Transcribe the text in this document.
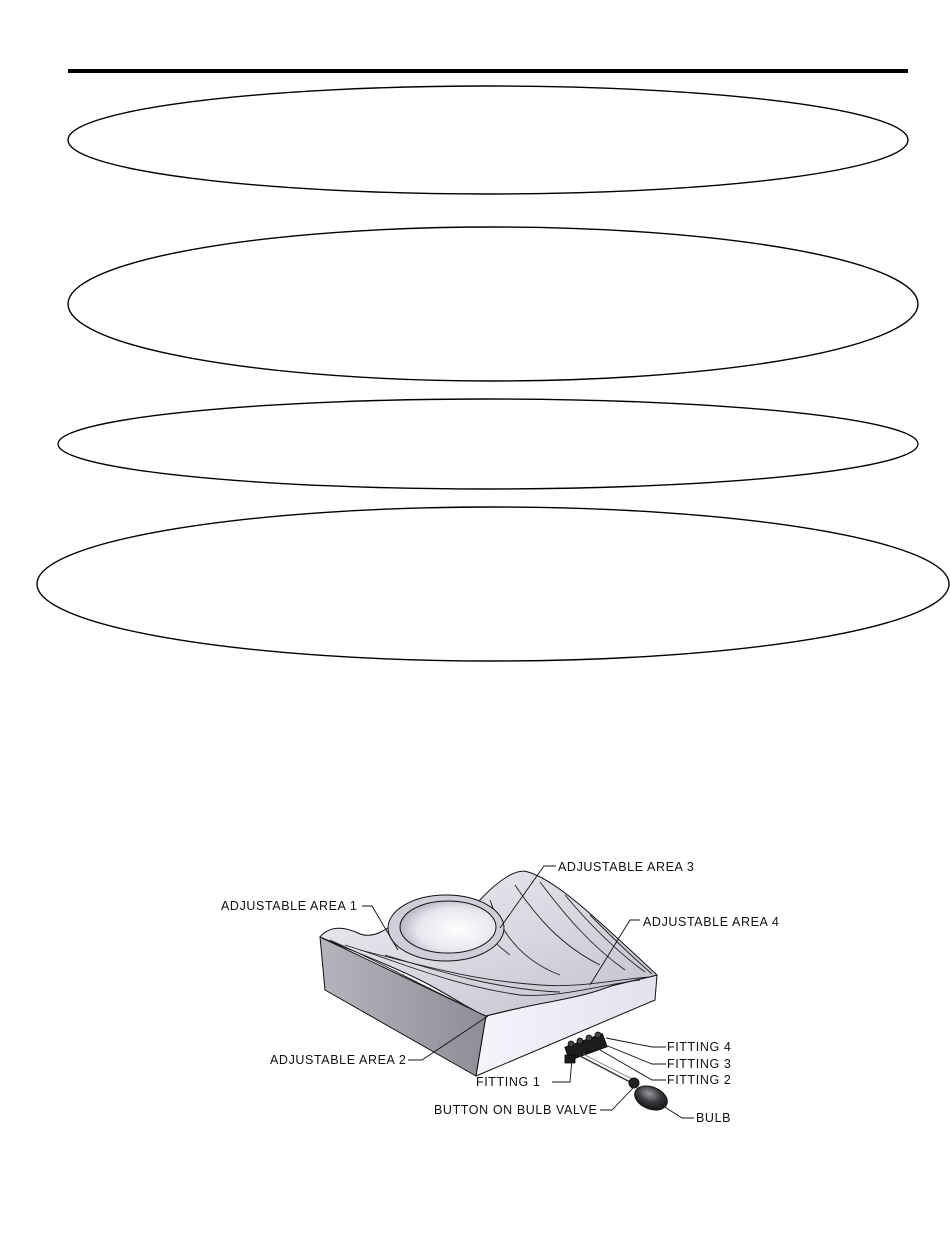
ADJUSTABLE AREA 1
ADJUSTABLE AREA 2
ADJUSTABLE AREA 3
ADJUSTABLE AREA 4
FITTING 4
FITTING 3
FITTING 2
FITTING 1
BUTTON ON BULB VALVE
BULB
